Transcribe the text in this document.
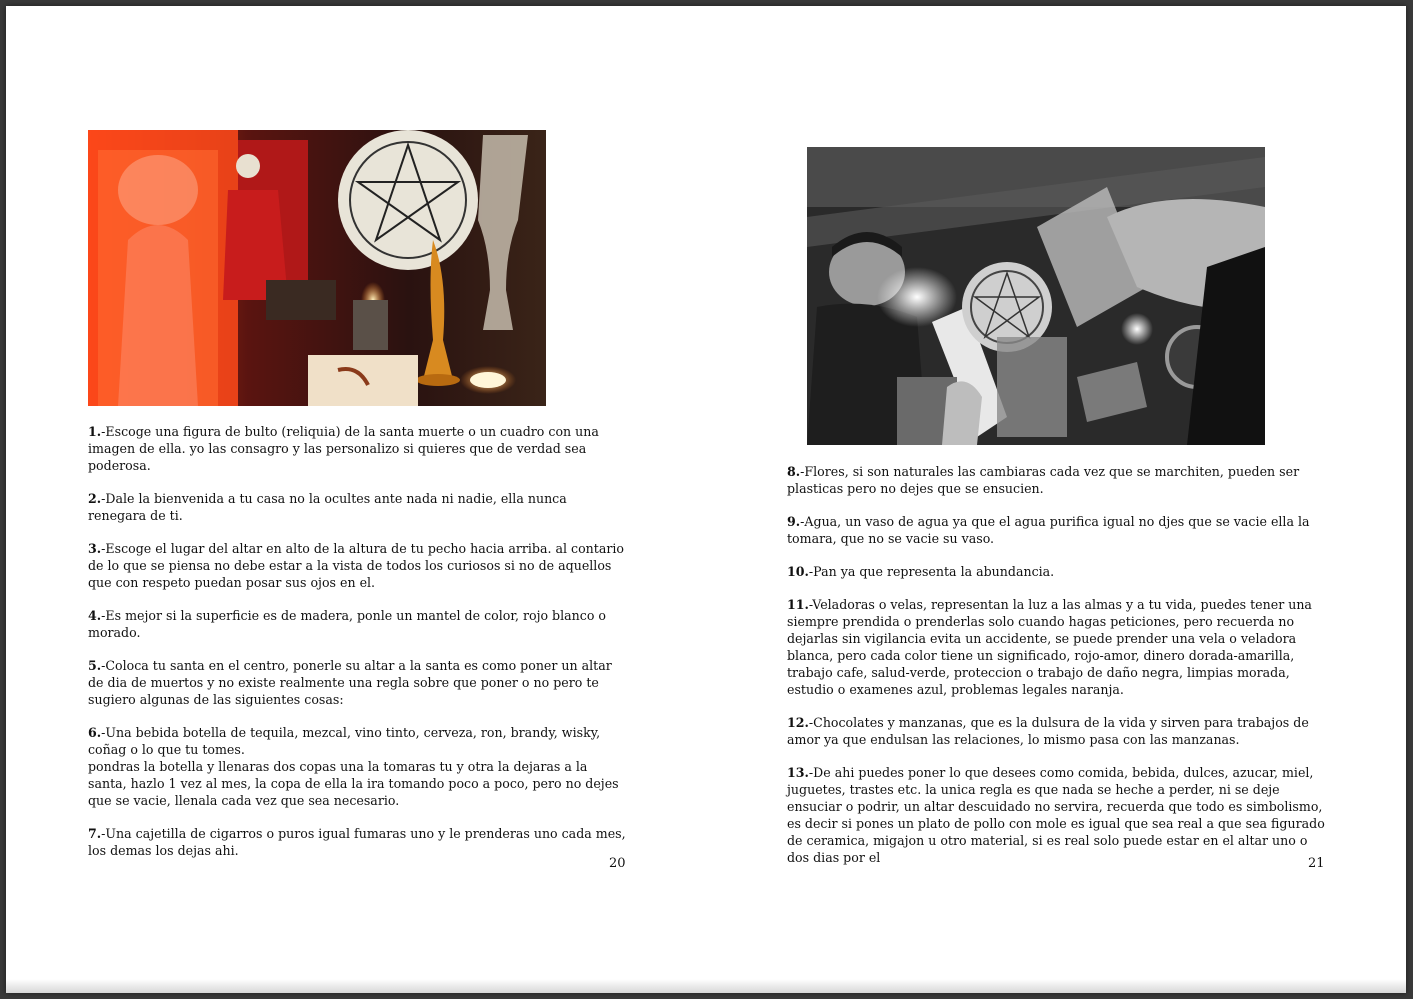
1.-Escoge una figura de bulto (reliquia) de la santa muerte o un cuadro con una imagen de ella. yo las consagro y las personalizo si quieres que de verdad sea poderosa.
2.-Dale la bienvenida a tu casa no la ocultes ante nada ni nadie, ella nunca renegara de ti.
3.-Escoge el lugar del altar en alto de la altura de tu pecho hacia arriba. al contario de lo que se piensa no debe estar a la vista de todos los curiosos si no de aquellos que con respeto puedan posar sus ojos en el.
4.-Es mejor si la superficie es de madera, ponle un mantel de color, rojo blanco o morado.
5.-Coloca tu santa en el centro, ponerle su altar a la santa es como poner un altar de dia de muertos y no existe realmente una regla sobre que poner o no pero te sugiero algunas de las siguientes cosas:
6.-Una bebida botella de tequila, mezcal, vino tinto, cerveza, ron, brandy, wisky, coñag o lo que tu tomes.
pondras la botella y llenaras dos copas una la tomaras tu y otra la dejaras a la santa, hazlo 1 vez al mes, la copa de ella la ira tomando poco a poco, pero no dejes que se vacie, llenala cada vez que sea necesario.
7.-Una cajetilla de cigarros o puros igual fumaras uno y le prenderas uno cada mes, los demas los dejas ahi.
20
8.-Flores, si son naturales las cambiaras cada vez que se marchiten, pueden ser plasticas pero no dejes que se ensucien.
9.-Agua, un vaso de agua ya que el agua purifica igual no djes que se vacie ella la tomara, que no se vacie su vaso.
10.-Pan ya que representa la abundancia.
11.-Veladoras o velas, representan la luz a las almas y a tu vida, puedes tener una siempre prendida o prenderlas solo cuando hagas peticiones, pero recuerda no dejarlas sin vigilancia evita un accidente, se puede prender una vela o veladora blanca, pero cada color tiene un significado, rojo-amor, dinero dorada-amarilla, trabajo cafe, salud-verde, proteccion o trabajo de daño negra, limpias morada, estudio o examenes azul, problemas legales naranja.
12.-Chocolates y manzanas, que es la dulsura de la vida y sirven para trabajos de amor ya que endulsan las relaciones, lo mismo pasa con las manzanas.
13.-De ahi puedes poner lo que desees como comida, bebida, dulces, azucar, miel, juguetes, trastes etc. la unica regla es que nada se heche a perder, ni se deje ensuciar o podrir, un altar descuidado no servira, recuerda que todo es simbolismo, es decir si pones un plato de pollo con mole es igual que sea real a que sea figurado de ceramica, migajon u otro material, si es real solo puede estar en el altar uno o dos dias por el	21
